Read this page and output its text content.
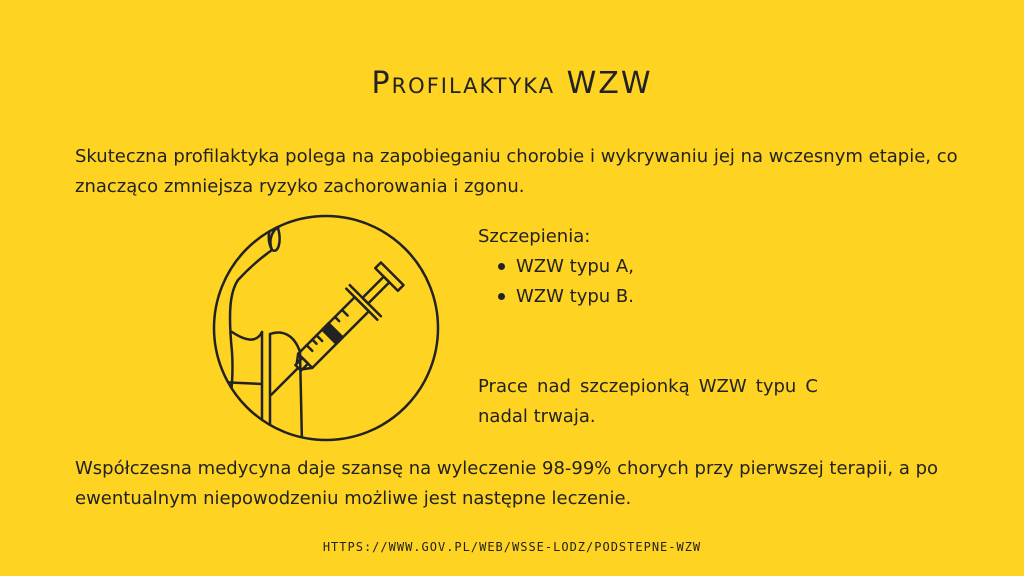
Profilaktyka WZW

Skuteczna profilaktyka polega na zapobieganiu chorobie i wykrywaniu jej na wczesnym etapie, co znacząco zmniejsza ryzyko zachorowania i zgonu.

Szczepienia:

WZW typu A,
WZW typu B.

Prace nad szczepionką WZW typu C nadal trwaja.

Współczesna medycyna daje szansę na wyleczenie 98-99% chorych przy pierwszej terapii, a po ewentualnym niepowodzeniu możliwe jest następne leczenie.

HTTPS://WWW.GOV.PL/WEB/WSSE-LODZ/PODSTEPNE-WZW
